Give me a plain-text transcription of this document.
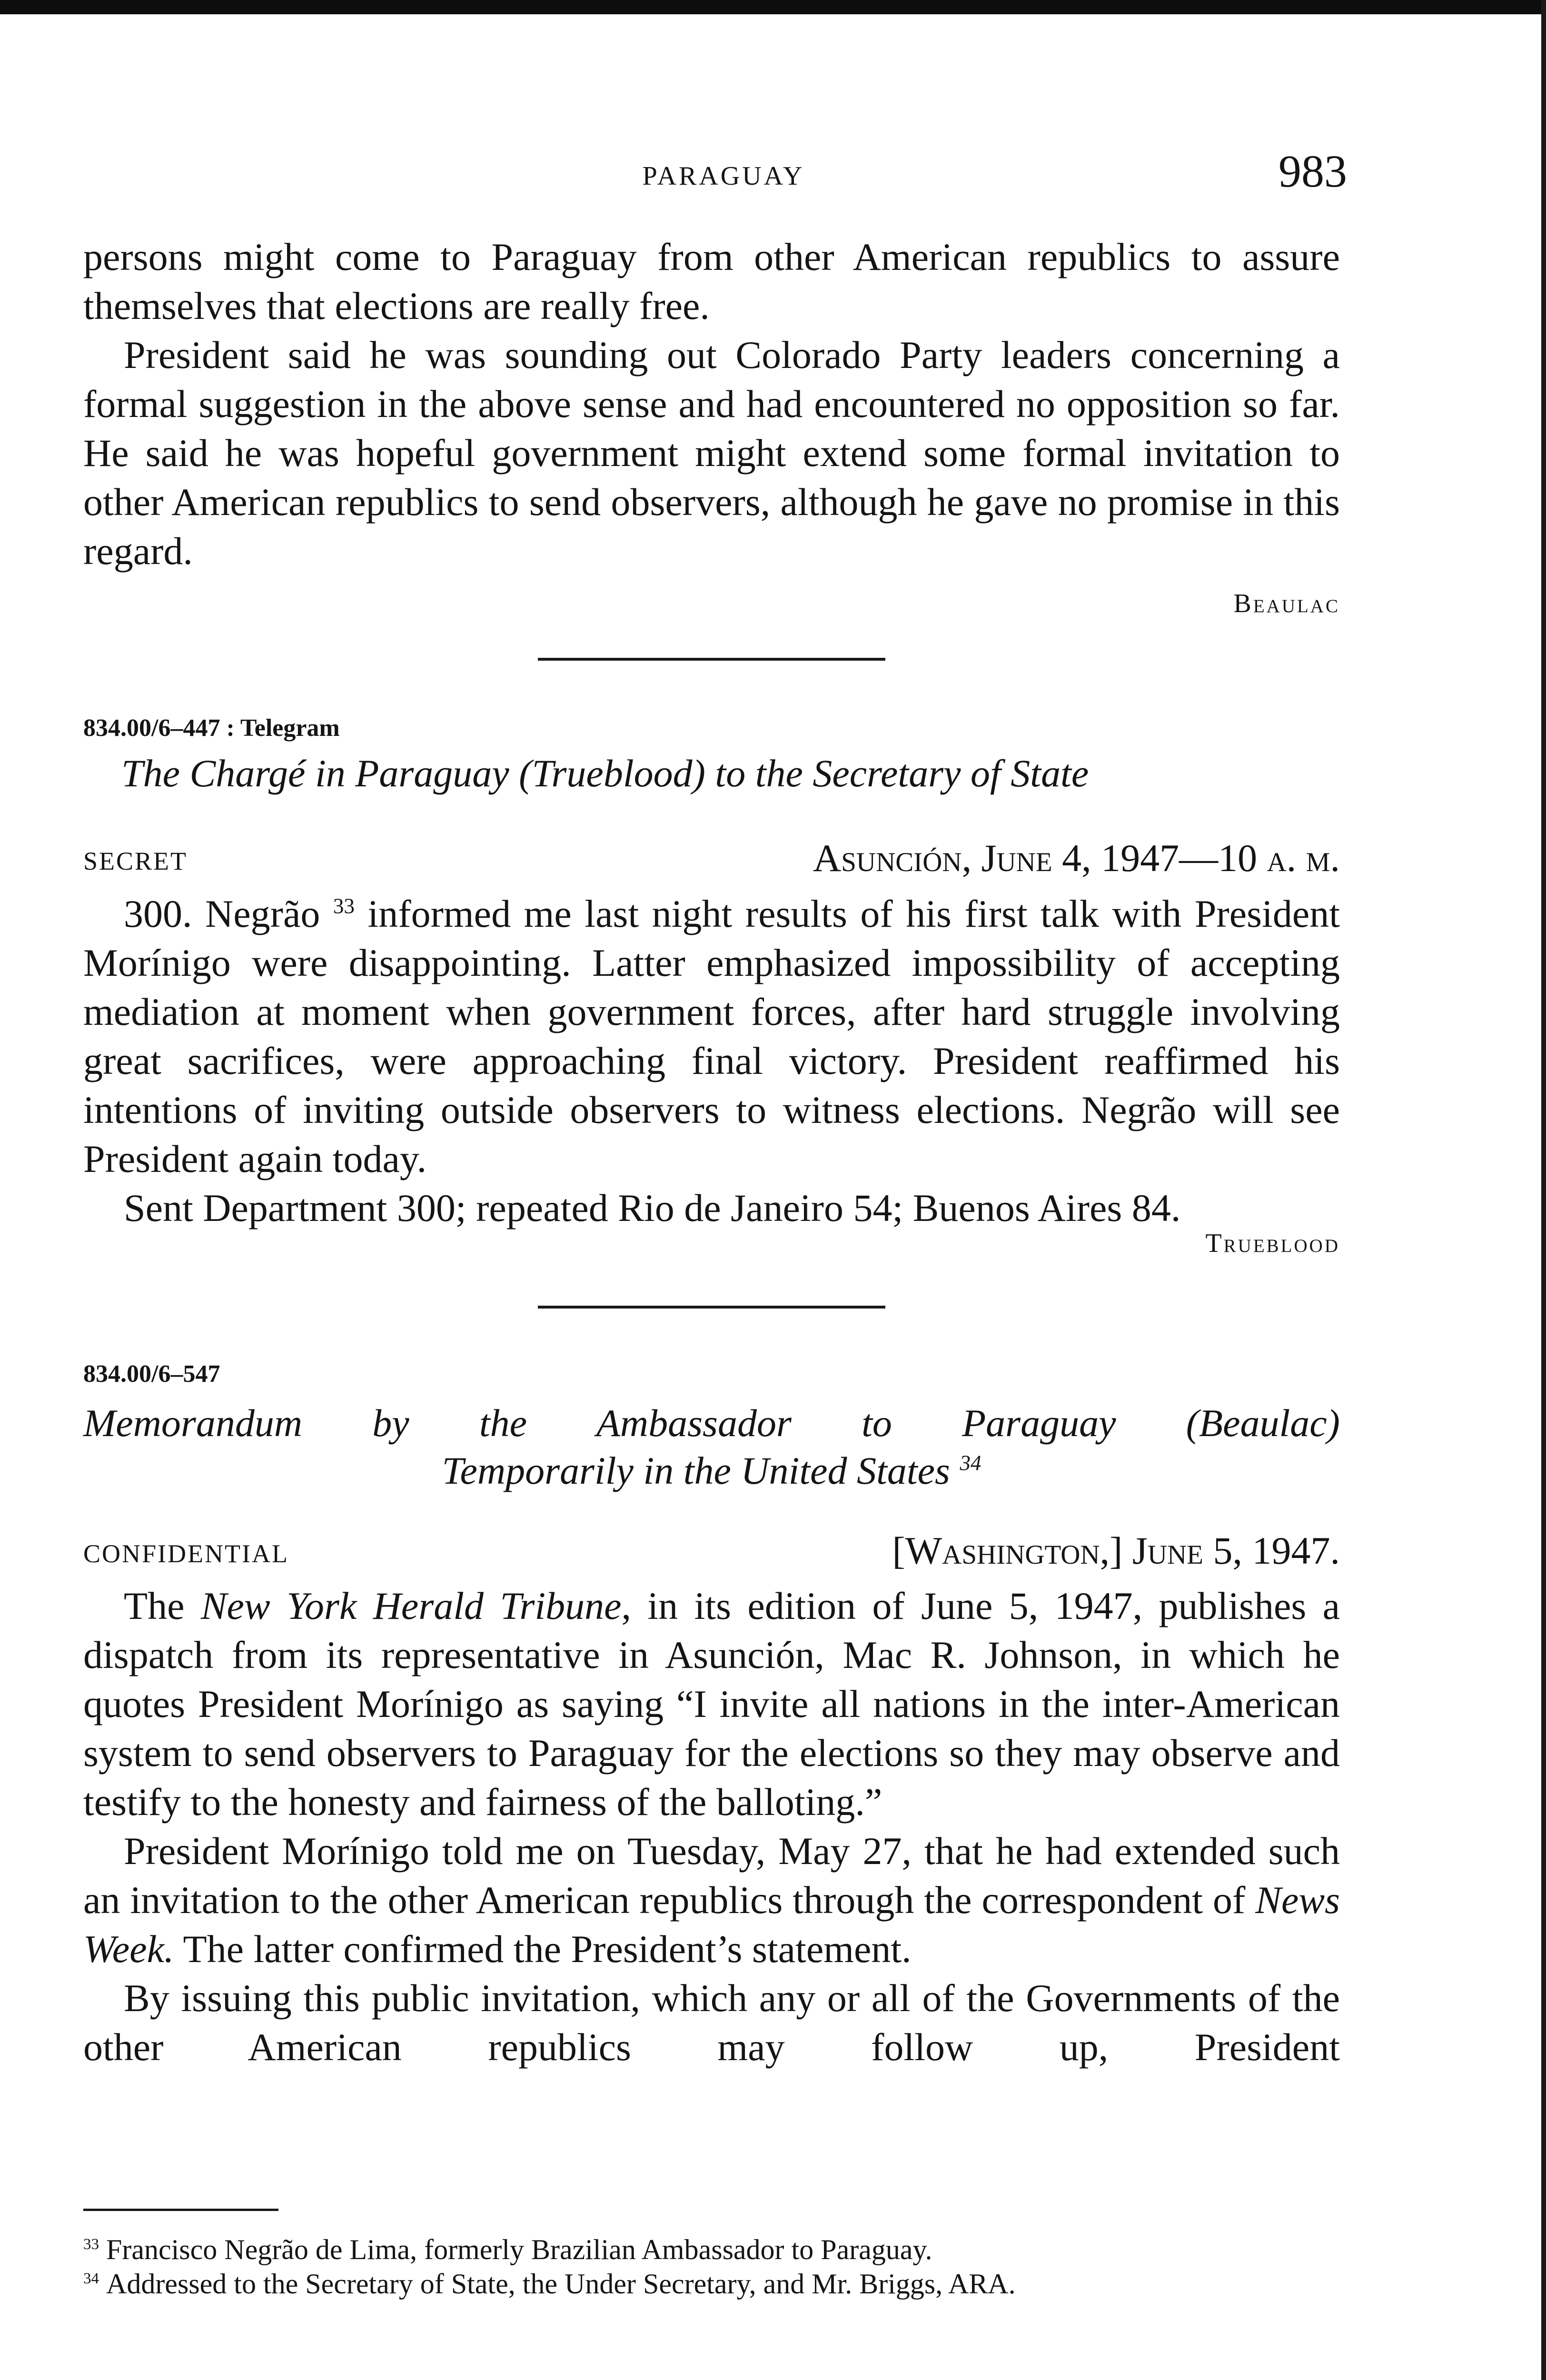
PARAGUAY	983

persons might come to Paraguay from other American republics to assure themselves that elections are really free.

President said he was sounding out Colorado Party leaders concerning a formal suggestion in the above sense and had encountered no opposition so far. He said he was hopeful government might extend some formal invitation to other American republics to send observers, although he gave no promise in this regard.

Beaulac
834.00/6–447 : Telegram
The Chargé in Paraguay (Trueblood) to the Secretary of State
SECRET	Asunción, June 4, 1947—10 a. m.

300. Negrão $^{33}$ informed me last night results of his first talk with President Morínigo were disappointing. Latter emphasized impossibility of accepting mediation at moment when government forces, after hard struggle involving great sacrifices, were approaching final victory. President reaffirmed his intentions of inviting outside observers to witness elections. Negrão will see President again today.

Sent Department 300; repeated Rio de Janeiro 54; Buenos Aires 84.

Trueblood
834.00/6–547
Memorandum by the Ambassador to Paraguay (Beaulac)
Temporarily in the United States $^{34}$
CONFIDENTIAL	[Washington,] June 5, 1947.

The New York Herald Tribune, in its edition of June 5, 1947, publishes a dispatch from its representative in Asunción, Mac R. Johnson, in which he quotes President Morínigo as saying “I invite all nations in the inter-American system to send observers to Paraguay for the elections so they may observe and testify to the honesty and fairness of the balloting.”

President Morínigo told me on Tuesday, May 27, that he had extended such an invitation to the other American republics through the correspondent of News Week. The latter confirmed the President’s statement.

By issuing this public invitation, which any or all of the Governments of the other American republics may follow up, President

$^{33}$ Francisco Negrão de Lima, formerly Brazilian Ambassador to Paraguay.

$^{34}$ Addressed to the Secretary of State, the Under Secretary, and Mr. Briggs, ARA.
